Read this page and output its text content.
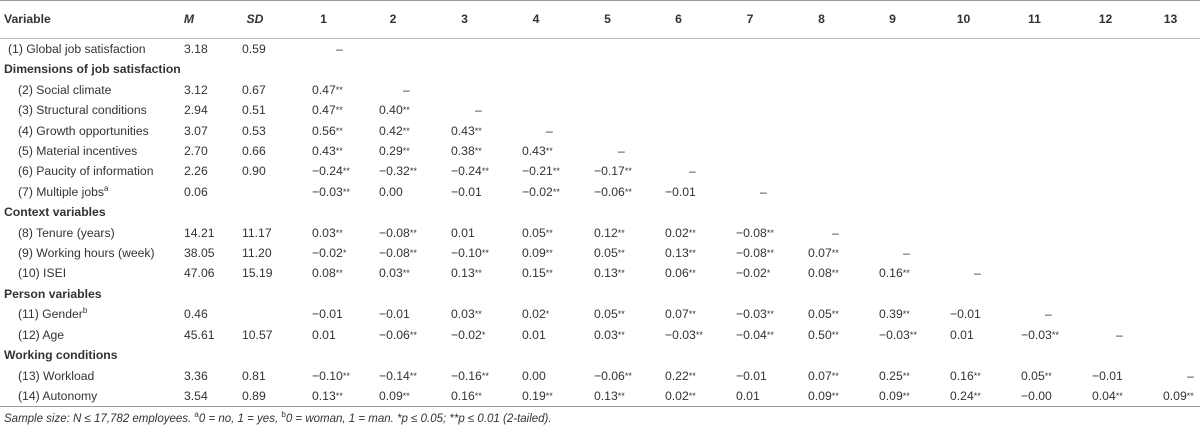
Variable	M	SD	1	2	3	4	5	6	7	8	9	10	11	12	13
(1) Global job satisfaction	3.18	0.59	–												
Dimensions of job satisfaction															
(2) Social climate	3.12	0.67	0.47**	–											
(3) Structural conditions	2.94	0.51	0.47**	0.40**	–										
(4) Growth opportunities	3.07	0.53	0.56**	0.42**	0.43**	–									
(5) Material incentives	2.70	0.66	0.43**	0.29**	0.38**	0.43**	–								
(6) Paucity of information	2.26	0.90	−0.24**	−0.32**	−0.24**	−0.21**	−0.17**	–							
(7) Multiple jobs$^a$	0.06		−0.03**	0.00	−0.01	−0.02**	−0.06**	−0.01	–						
Context variables															
(8) Tenure (years)	14.21	11.17	0.03**	−0.08**	0.01	0.05**	0.12**	0.02**	−0.08**	–					
(9) Working hours (week)	38.05	11.20	−0.02*	−0.08**	−0.10**	0.09**	0.05**	0.13**	−0.08**	0.07**	–				
(10) ISEI	47.06	15.19	0.08**	0.03**	0.13**	0.15**	0.13**	0.06**	−0.02*	0.08**	0.16**	–			
Person variables															
(11) Gender$^b$	0.46		−0.01	−0.01	0.03**	0.02*	0.05**	0.07**	−0.03**	0.05**	0.39**	−0.01	–		
(12) Age	45.61	10.57	0.01	−0.06**	−0.02*	0.01	0.03**	−0.03**	−0.04**	0.50**	−0.03**	0.01	−0.03**	–	
Working conditions															
(13) Workload	3.36	0.81	−0.10**	−0.14**	−0.16**	0.00	−0.06**	0.22**	−0.01	0.07**	0.25**	0.16**	0.05**	−0.01	–
(14) Autonomy	3.54	0.89	0.13**	0.09**	0.16**	0.19**	0.13**	0.02**	0.01	0.09**	0.09**	0.24**	−0.00	0.04**	0.09**
Sample size: N ≤ 17,782 employees. $^a$0 = no, 1 = yes, $^b$0 = woman, 1 = man. *p ≤ 0.05; **p ≤ 0.01 (2-tailed).
